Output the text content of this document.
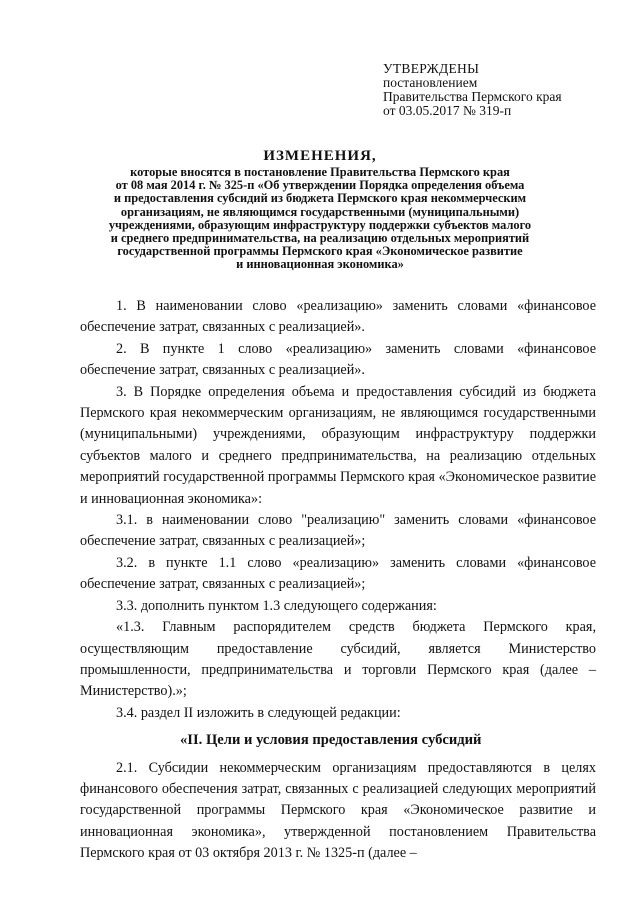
УТВЕРЖДЕНЫ
постановлением
Правительства Пермского края
от 03.05.2017 № 319-п
ИЗМЕНЕНИЯ,
которые вносятся в постановление Правительства Пермского края
от 08 мая 2014 г. № 325-п «Об утверждении Порядка определения объема
и предоставления субсидий из бюджета Пермского края некоммерческим
организациям, не являющимся государственными (муниципальными)
учреждениями, образующим инфраструктуру поддержки субъектов малого
и среднего предпринимательства, на реализацию отдельных мероприятий
государственной программы Пермского края «Экономическое развитие
и инновационная экономика»

1. В наименовании слово «реализацию» заменить словами «финансовое обеспечение затрат, связанных с реализацией».

2. В пункте 1 слово «реализацию» заменить словами «финансовое обеспечение затрат, связанных с реализацией».

3. В Порядке определения объема и предоставления субсидий из бюджета Пермского края некоммерческим организациям, не являющимся государственными (муниципальными) учреждениями, образующим инфраструктуру поддержки субъектов малого и среднего предпринимательства, на реализацию отдельных мероприятий государственной программы Пермского края «Экономическое развитие и инновационная экономика»:

3.1. в наименовании слово "реализацию" заменить словами «финансовое обеспечение затрат, связанных с реализацией»;

3.2. в пункте 1.1 слово «реализацию» заменить словами «финансовое обеспечение затрат, связанных с реализацией»;

3.3. дополнить пунктом 1.3 следующего содержания:

«1.3. Главным распорядителем средств бюджета Пермского края, осуществляющим предоставление субсидий, является Министерство промышленности, предпринимательства и торговли Пермского края (далее – Министерство).»;

3.4. раздел II изложить в следующей редакции:

«II. Цели и условия предоставления субсидий

2.1. Субсидии некоммерческим организациям предоставляются в целях финансового обеспечения затрат, связанных с реализацией следующих мероприятий государственной программы Пермского края «Экономическое развитие и инновационная экономика», утвержденной постановлением Правительства Пермского края от 03 октября 2013 г. № 1325-п (далее –
